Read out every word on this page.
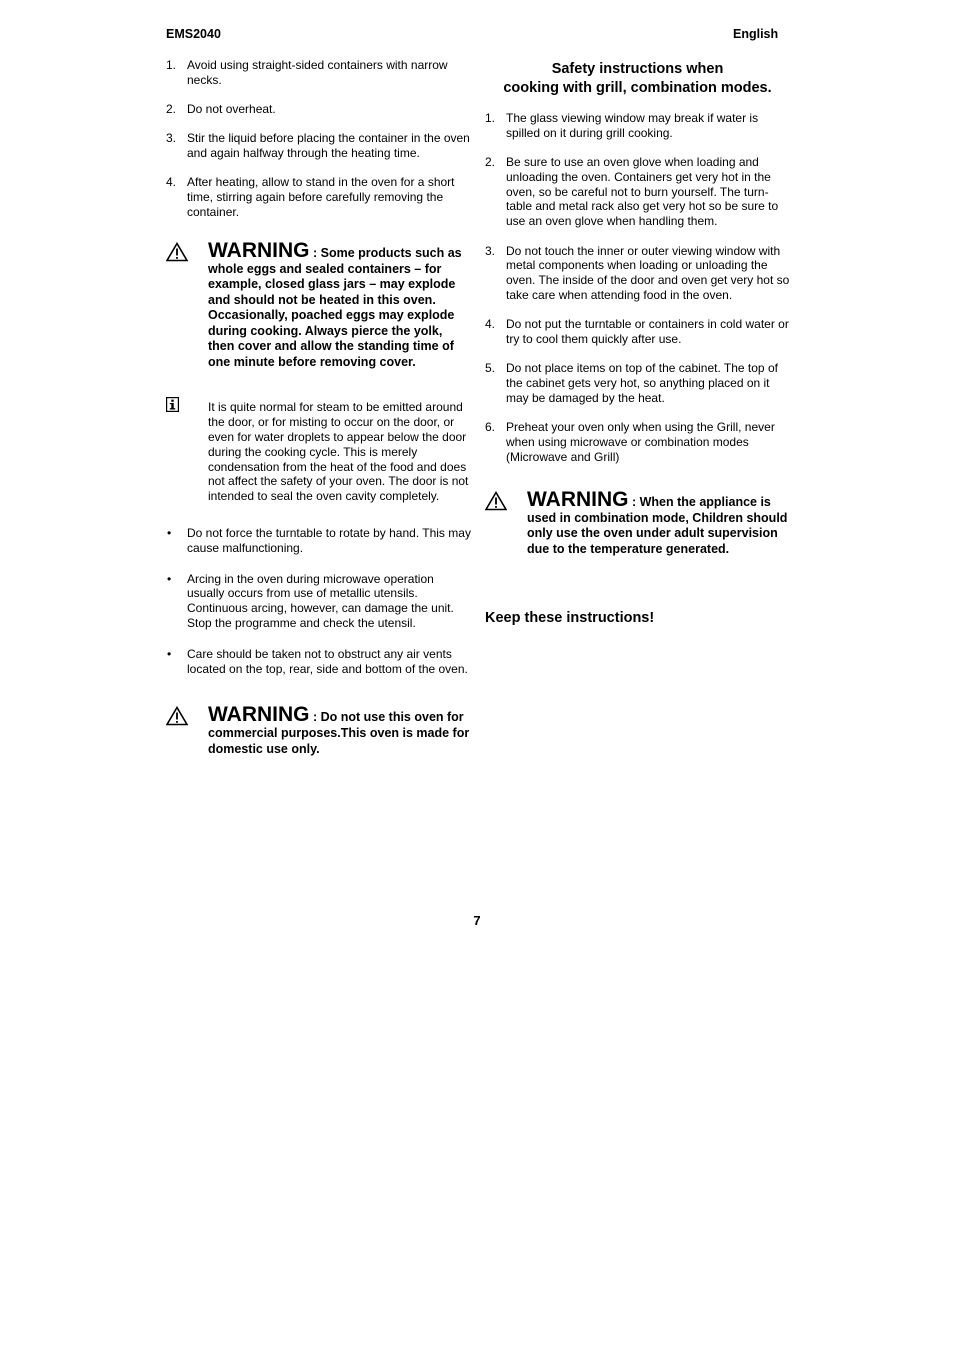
EMS2040	English
1. Avoid using straight-sided containers with narrow necks.
2. Do not overheat.
3. Stir the liquid before placing the container in the oven and again halfway through the heating time.
4. After heating, allow to stand in the oven for a short time, stirring again before carefully removing the container.
WARNING : Some products such as whole eggs and sealed containers – for example, closed glass jars – may explode and should not be heated in this oven. Occasionally, poached eggs may explode during cooking. Always pierce the yolk, then cover and allow the standing time of one minute before removing cover.
It is quite normal for steam to be emitted around the door, or for misting to occur on the door, or even for water droplets to appear below the door during the cooking cycle. This is merely condensation from the heat of the food and does not affect the safety of your oven. The door is not intended to seal the oven cavity completely.
• Do not force the turntable to rotate by hand. This may cause malfunctioning.
• Arcing in the oven during microwave operation usually occurs from use of metallic utensils. Continuous arcing, however, can damage the unit. Stop the programme and check the utensil.
• Care should be taken not to obstruct any air vents located on the top, rear, side and bottom of the oven.
WARNING : Do not use this oven for commercial purposes.This oven is made for domestic use only.
Safety instructions when
cooking with grill, combination modes.
1. The glass viewing window may break if water is spilled on it during grill cooking.
2. Be sure to use an oven glove when loading and unloading the oven. Containers get very hot in the oven, so be careful not to burn yourself. The turn-table and metal rack also get very hot so be sure to use an oven glove when handling them.
3. Do not touch the inner or outer viewing window with metal components when loading or unloading the oven. The inside of the door and oven get very hot so take care when attending food in the oven.
4. Do not put the turntable or containers in cold water or try to cool them quickly after use.
5. Do not place items on top of the cabinet. The top of the cabinet gets very hot, so anything placed on it may be damaged by the heat.
6. Preheat your oven only when using the Grill, never when using microwave or combination modes (Microwave and Grill)
WARNING : When the appliance is used in combination mode, Children should only use the oven under adult supervision due to the temperature generated.
Keep these instructions!
7
